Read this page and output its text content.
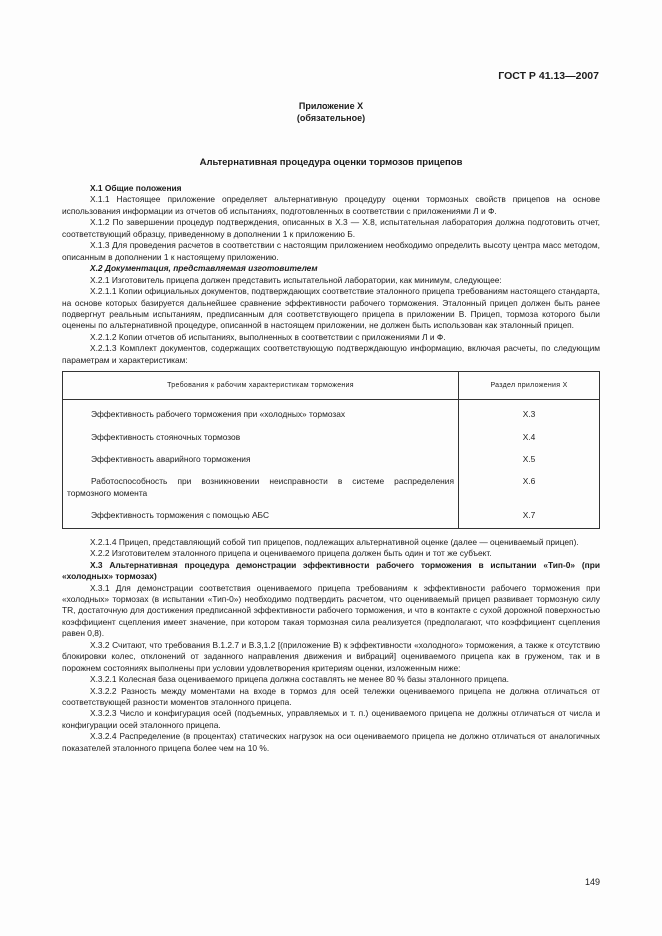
ГОСТ Р 41.13—2007
Приложение X
(обязательное)
Альтернативная процедура оценки тормозов прицепов

X.1 Общие положения

X.1.1 Настоящее приложение определяет альтернативную процедуру оценки тормозных свойств прицепов на основе использования информации из отчетов об испытаниях, подготовленных в соответствии с приложениями Л и Ф.

X.1.2 По завершении процедур подтверждения, описанных в X.3 — X.8, испытательная лаборатория должна подготовить отчет, соответствующий образцу, приведенному в дополнении 1 к приложению Б.

X.1.3 Для проведения расчетов в соответствии с настоящим приложением необходимо определить высоту центра масс методом, описанным в дополнении 1 к настоящему приложению.

X.2 Документация, представляемая изготовителем

X.2.1 Изготовитель прицепа должен представить испытательной лаборатории, как минимум, следующее:

X.2.1.1 Копии официальных документов, подтверждающих соответствие эталонного прицепа требованиям настоящего стандарта, на основе которых базируется дальнейшее сравнение эффективности рабочего торможения. Эталонный прицеп должен быть ранее подвергнут реальным испытаниям, предписанным для соответствующего прицепа в приложении В. Прицеп, тормоза которого были оценены по альтернативной процедуре, описанной в настоящем приложении, не должен быть использован как эталонный прицеп.

X.2.1.2 Копии отчетов об испытаниях, выполненных в соответствии с приложениями Л и Ф.

X.2.1.3 Комплект документов, содержащих соответствующую подтверждающую информацию, включая расчеты, по следующим параметрам и характеристикам:

Требования к рабочим характеристикам торможения	Раздел приложения X

Эффективность рабочего торможения при «холодных» тормозах	X.3

Эффективность стояночных тормозов	X.4

Эффективность аварийного торможения	X.5

Работоспособность при возникновении неисправности в системе распределения тормозного момента	X.6

Эффективность торможения с помощью АБС	X.7

X.2.1.4 Прицеп, представляющий собой тип прицепов, подлежащих альтернативной оценке (далее — оцениваемый прицеп).

X.2.2 Изготовителем эталонного прицепа и оцениваемого прицепа должен быть один и тот же субъект.

X.3 Альтернативная процедура демонстрации эффективности рабочего торможения в испытании «Тип-0» (при «холодных» тормозах)

X.3.1 Для демонстрации соответствия оцениваемого прицепа требованиям к эффективности рабочего торможения при «холодных» тормозах (в испытании «Тип-0») необходимо подтвердить расчетом, что оцениваемый прицеп развивает тормозную силу TR, достаточную для достижения предписанной эффективности рабочего торможения, и что в контакте с сухой дорожной поверхностью коэффициент сцепления имеет значение, при котором такая тормозная сила реализуется (предполагают, что коэффициент сцепления равен 0,8).

X.3.2 Считают, что требования В.1.2.7 и В.3,1.2 [(приложение В) к эффективности «холодного» торможения, а также к отсутствию блокировки колес, отклонений от заданного направления движения и вибраций] оцениваемого прицепа как в груженом, так и в порожнем состояниях выполнены при условии удовлетворения критериям оценки, изложенным ниже:

X.3.2.1 Колесная база оцениваемого прицепа должна составлять не менее 80 % базы эталонного прицепа.

X.3.2.2 Разность между моментами на входе в тормоз для осей тележки оцениваемого прицепа не должна отличаться от соответствующей разности моментов эталонного прицепа.

X.3.2.3 Число и конфигурация осей (подъемных, управляемых и т. п.) оцениваемого прицепа не должны отличаться от числа и конфигурации осей эталонного прицепа.

X.3.2.4 Распределение (в процентах) статических нагрузок на оси оцениваемого прицепа не должно отличаться от аналогичных показателей эталонного прицепа более чем на 10 %.

149
